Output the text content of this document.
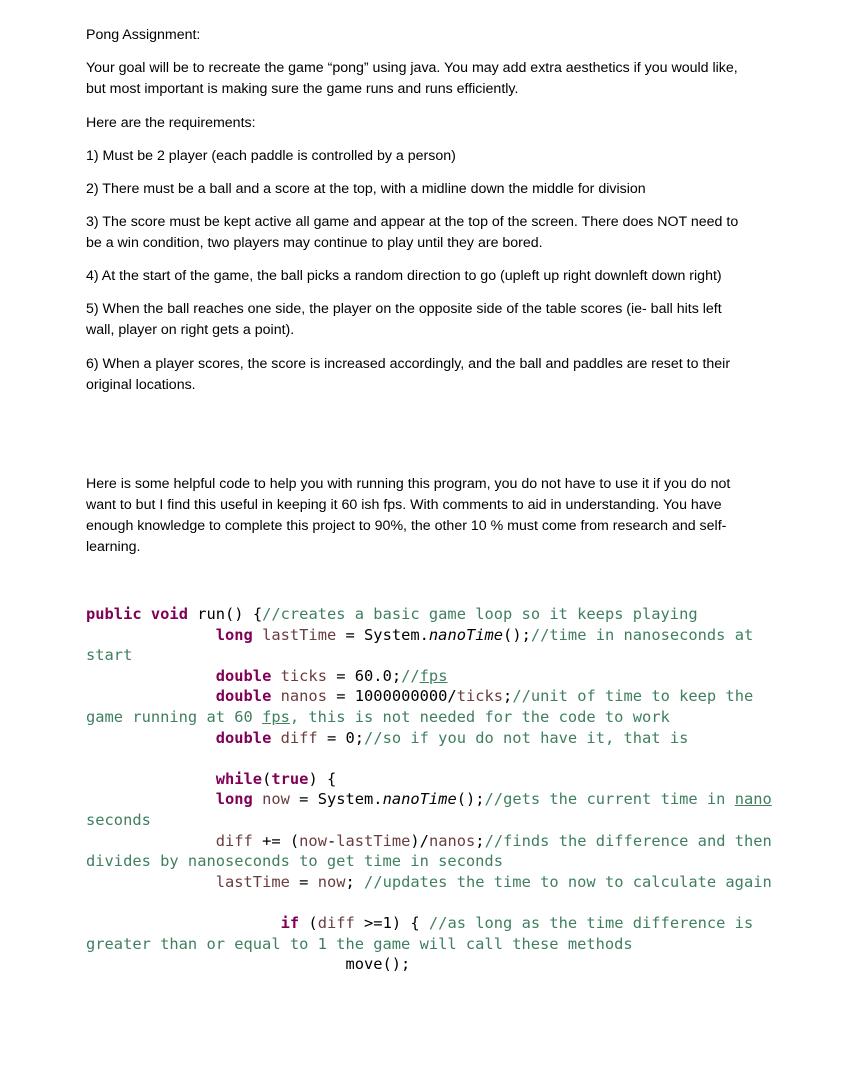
Pong Assignment:

Your goal will be to recreate the game “pong” using java. You may add extra aesthetics if you would like,

but most important is making sure the game runs and runs efficiently.

Here are the requirements:

1) Must be 2 player (each paddle is controlled by a person)

2) There must be a ball and a score at the top, with a midline down the middle for division

3) The score must be kept active all game and appear at the top of the screen. There does NOT need to

be a win condition, two players may continue to play until they are bored.

4) At the start of the game, the ball picks a random direction to go (upleft up right downleft down right)

5) When the ball reaches one side, the player on the opposite side of the table scores (ie- ball hits left

wall, player on right gets a point).

6) When a player scores, the score is increased accordingly, and the ball and paddles are reset to their

original locations.

Here is some helpful code to help you with running this program, you do not have to use it if you do not

want to but I find this useful in keeping it 60 ish fps. With comments to aid in understanding. You have

enough knowledge to complete this project to 90%, the other 10 % must come from research and self-

learning.

public void run() {//creates a basic game loop so it keeps playing
long lastTime = System.nanoTime();//time in nanoseconds at
start
double ticks = 60.0;//fps
double nanos = 1000000000/ticks;//unit of time to keep the
game running at 60 fps, this is not needed for the code to work
double diff = 0;//so if you do not have it, that is

while(true) {
long now = System.nanoTime();//gets the current time in nano
seconds
diff += (now-lastTime)/nanos;//finds the difference and then
divides by nanoseconds to get time in seconds
lastTime = now; //updates the time to now to calculate again

if (diff >=1) { //as long as the time difference is
greater than or equal to 1 the game will call these methods
move();
